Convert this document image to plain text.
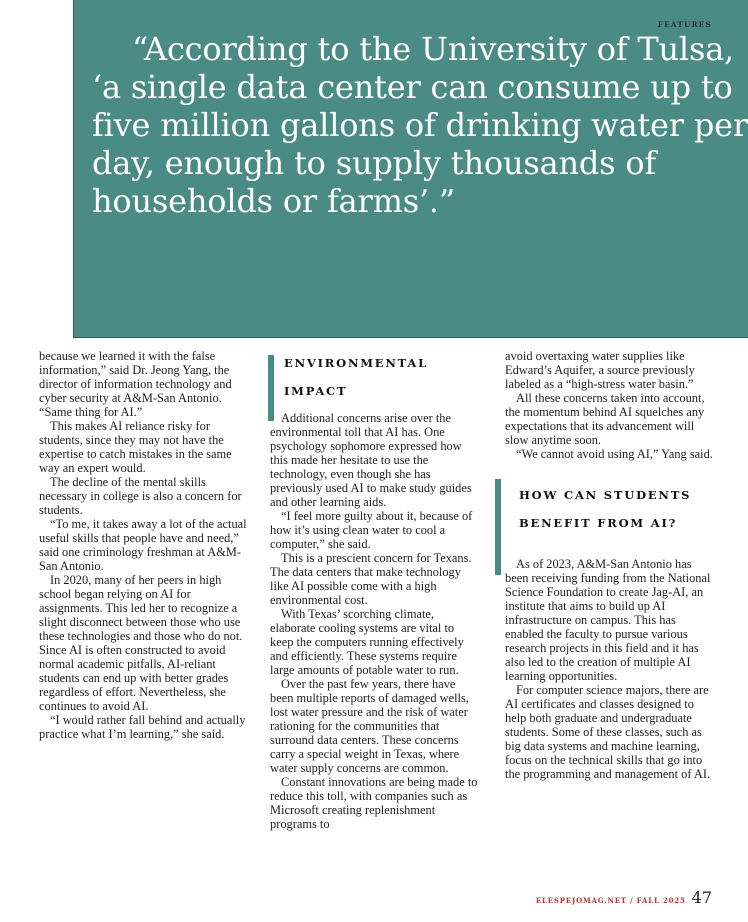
FEATURES

“According to the University of Tulsa, ‘a single data center can consume up to five million gallons of drinking water per day, enough to supply thousands of households or farms’.”

because we learned it with the false information,” said Dr. Jeong Yang, the director of information technology and cyber security at A&M-San Antonio. “Same thing for AI.”

This makes AI reliance risky for students, since they may not have the expertise to catch mistakes in the same way an expert would.

The decline of the mental skills necessary in college is also a concern for students.

“To me, it takes away a lot of the actual useful skills that people have and need,” said one criminology freshman at A&M-San Antonio.

In 2020, many of her peers in high school began relying on AI for assignments. This led her to recognize a slight disconnect between those who use these technologies and those who do not. Since AI is often constructed to avoid normal academic pitfalls, AI-reliant students can end up with better grades regardless of effort. Nevertheless, she continues to avoid AI.

“I would rather fall behind and actually practice what I’m learning,” she said.

ENVIRONMENTAL IMPACT

Additional concerns arise over the environmental toll that AI has. One psychology sophomore expressed how this made her hesitate to use the technology, even though she has previously used AI to make study guides and other learning aids.

“I feel more guilty about it, because of how it’s using clean water to cool a computer,” she said.

This is a prescient concern for Texans. The data centers that make technology like AI possible come with a high environmental cost.

With Texas’ scorching climate, elaborate cooling systems are vital to keep the computers running effectively and efficiently. These systems require large amounts of potable water to run.

Over the past few years, there have been multiple reports of damaged wells, lost water pressure and the risk of water rationing for the communities that surround data centers. These concerns carry a special weight in Texas, where water supply concerns are common.

Constant innovations are being made to reduce this toll, with companies such as Microsoft creating replenishment programs to

avoid overtaxing water supplies like Edward’s Aquifer, a source previously labeled as a “high-stress water basin.”

All these concerns taken into account, the momentum behind AI squelches any expectations that its advancement will slow anytime soon.

“We cannot avoid using AI,” Yang said.

HOW CAN STUDENTS BENEFIT FROM AI?

As of 2023, A&M-San Antonio has been receiving funding from the National Science Foundation to create Jag-AI, an institute that aims to build up AI infrastructure on campus. This has enabled the faculty to pursue various research projects in this field and it has also led to the creation of multiple AI learning opportunities.

For computer science majors, there are AI certificates and classes designed to help both graduate and undergraduate students. Some of these classes, such as big data systems and machine learning, focus on the technical skills that go into the programming and management of AI.

ELESPEJOMAG.NET / FALL 2025 47
